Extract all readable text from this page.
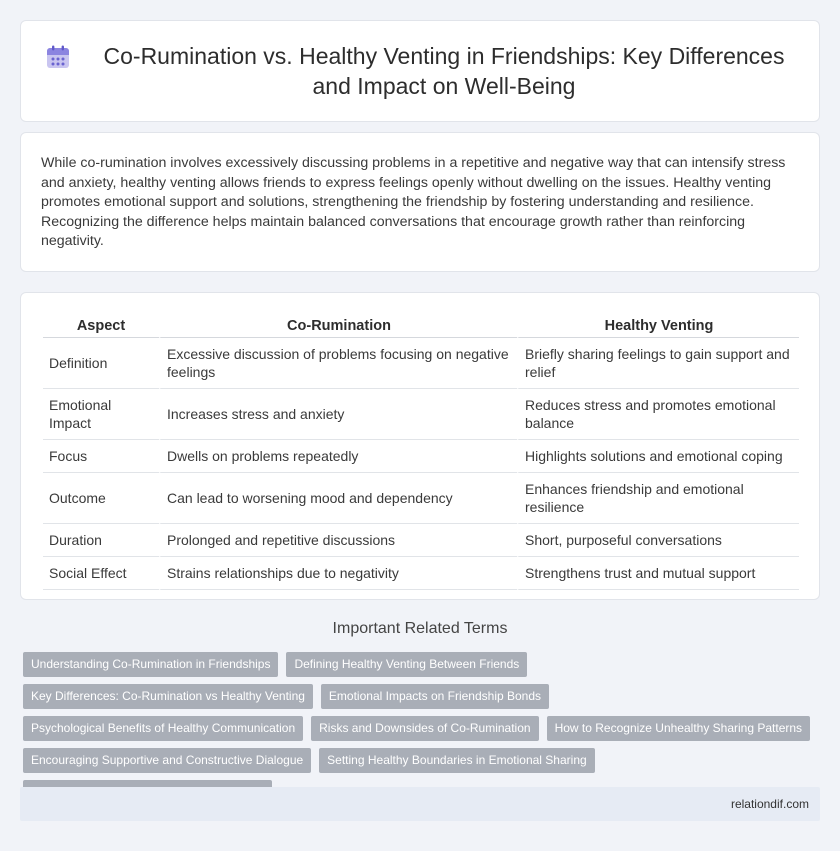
Co-Rumination vs. Healthy Venting in Friendships: Key Differences and Impact on Well-Being

While co-rumination involves excessively discussing problems in a repetitive and negative way that can intensify stress and anxiety, healthy venting allows friends to express feelings openly without dwelling on the issues. Healthy venting promotes emotional support and solutions, strengthening the friendship by fostering understanding and resilience. Recognizing the difference helps maintain balanced conversations that encourage growth rather than reinforcing negativity.

Aspect	Co-Rumination	Healthy Venting
Definition	Excessive discussion of problems focusing on negative feelings	Briefly sharing feelings to gain support and relief
Emotional Impact	Increases stress and anxiety	Reduces stress and promotes emotional balance
Focus	Dwells on problems repeatedly	Highlights solutions and emotional coping
Outcome	Can lead to worsening mood and dependency	Enhances friendship and emotional resilience
Duration	Prolonged and repetitive discussions	Short, purposeful conversations
Social Effect	Strains relationships due to negativity	Strengthens trust and mutual support
Important Related Terms
Understanding Co-Rumination in Friendships	Defining Healthy Venting Between Friends
Key Differences: Co-Rumination vs Healthy Venting	Emotional Impacts on Friendship Bonds
Psychological Benefits of Healthy Communication	Risks and Downsides of Co-Rumination	How to Recognize Unhealthy Sharing Patterns
Encouraging Supportive and Constructive Dialogue	Setting Healthy Boundaries in Emotional Sharing
relationdif.com
